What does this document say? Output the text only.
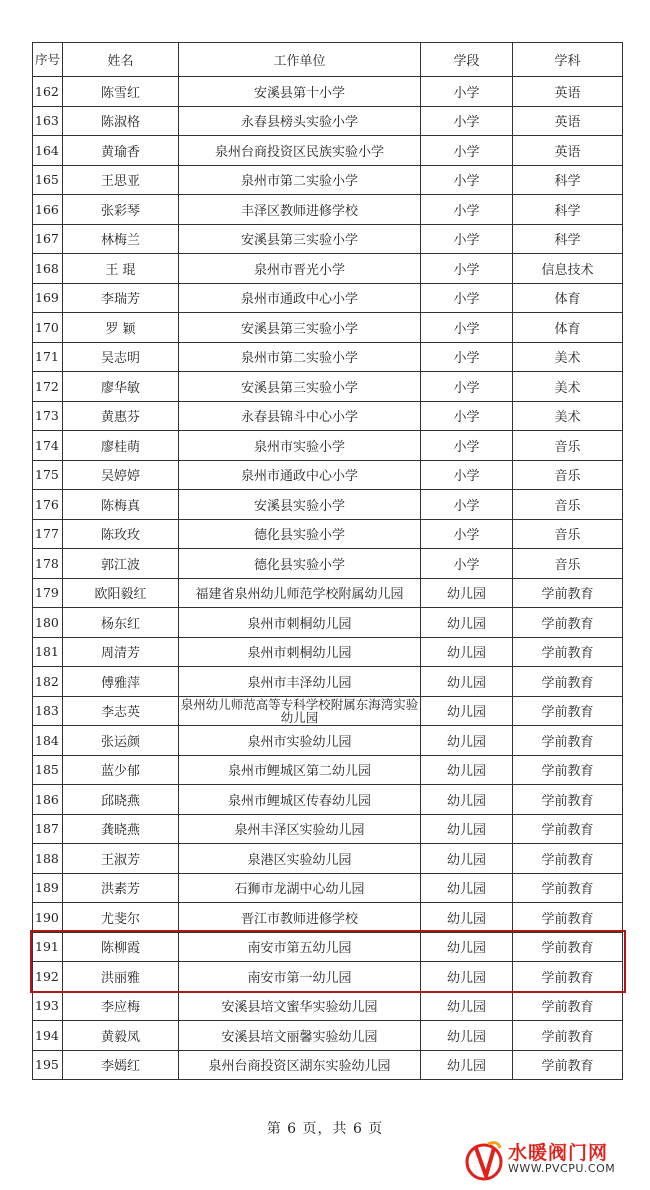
序号	姓名	工作单位	学段	学科
162	陈雪红	安溪县第十小学	小学	英语
163	陈淑格	永春县榜头实验小学	小学	英语
164	黄瑜香	泉州台商投资区民族实验小学	小学	英语
165	王思亚	泉州市第二实验小学	小学	科学
166	张彩琴	丰泽区教师进修学校	小学	科学
167	林梅兰	安溪县第三实验小学	小学	科学
168	王 琨	泉州市晋光小学	小学	信息技术
169	李瑞芳	泉州市通政中心小学	小学	体育
170	罗 颖	安溪县第三实验小学	小学	体育
171	吴志明	泉州市第二实验小学	小学	美术
172	廖华敏	安溪县第三实验小学	小学	美术
173	黄惠芬	永春县锦斗中心小学	小学	美术
174	廖桂萌	泉州市实验小学	小学	音乐
175	吴婷婷	泉州市通政中心小学	小学	音乐
176	陈梅真	安溪县实验小学	小学	音乐
177	陈玫玫	德化县实验小学	小学	音乐
178	郭江波	德化县实验小学	小学	音乐
179	欧阳毅红	福建省泉州幼儿师范学校附属幼儿园	幼儿园	学前教育
180	杨东红	泉州市刺桐幼儿园	幼儿园	学前教育
181	周清芳	泉州市刺桐幼儿园	幼儿园	学前教育
182	傅雅萍	泉州市丰泽幼儿园	幼儿园	学前教育
183	李志英	泉州幼儿师范高等专科学校附属东海湾实验幼儿园	幼儿园	学前教育
184	张运颜	泉州市实验幼儿园	幼儿园	学前教育
185	蓝少郁	泉州市鲤城区第二幼儿园	幼儿园	学前教育
186	邱晓燕	泉州市鲤城区传春幼儿园	幼儿园	学前教育
187	龚晓燕	泉州丰泽区实验幼儿园	幼儿园	学前教育
188	王淑芳	泉港区实验幼儿园	幼儿园	学前教育
189	洪素芳	石狮市龙湖中心幼儿园	幼儿园	学前教育
190	尤斐尔	晋江市教师进修学校	幼儿园	学前教育
191	陈柳霞	南安市第五幼儿园	幼儿园	学前教育
192	洪丽雅	南安市第一幼儿园	幼儿园	学前教育
193	李应梅	安溪县培文蜜华实验幼儿园	幼儿园	学前教育
194	黄毅凤	安溪县培文丽馨实验幼儿园	幼儿园	学前教育
195	李嫣红	泉州台商投资区湖东实验幼儿园	幼儿园	学前教育
第 6 页，共 6 页
水暖阀门网
WWW.PVCPU.COM
